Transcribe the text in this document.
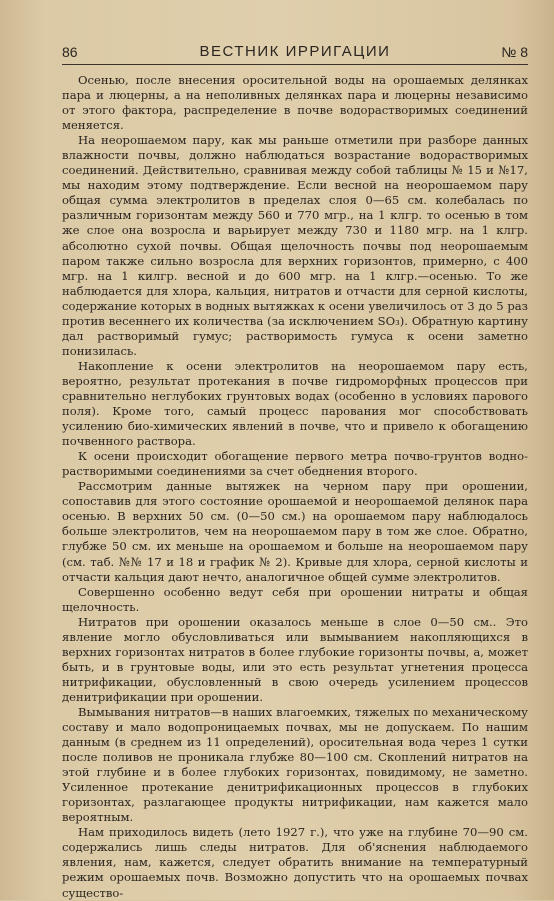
86	ВЕСТНИК ИРРИГАЦИИ	№ 8

Осенью, после внесения оросительной воды на орошаемых делянках пара и люцерны, а на неполивных делянках пара и люцерны независимо от этого фактора, распределение в почве водорастворимых соединений меняется.

На неорошаемом пару, как мы раньше отметили при разборе данных влажности почвы, должно наблюдаться возрастание водорастворимых соединений. Действительно, сравнивая между собой таблицы № 15 и №17, мы находим этому подтверждение. Если весной на неорошаемом пару общая сумма электролитов в пределах слоя 0—65 см. колебалась по различным горизонтам между 560 и 770 мгр., на 1 клгр. то осенью в том же слое она возросла и варьирует между 730 и 1180 мгр. на 1 клгр. абсолютно сухой почвы. Общая щелочность почвы под неорошаемым паром также сильно возросла для верхних горизонтов, примерно, с 400 мгр. на 1 килгр. весной и до 600 мгр. на 1 клгр.—осенью. То же наблюдается для хлора, кальция, нитратов и отчасти для серной кислоты, содержание которых в водных вытяжках к осени увеличилось от 3 до 5 раз против весеннего их количества (за исключением SO₃). Обратную картину дал растворимый гумус; растворимость гумуса к осени заметно понизилась.

Накопление к осени электролитов на неорошаемом пару есть, вероятно, результат протекания в почве гидроморфных процессов при сравнительно неглубоких грунтовых водах (особенно в условиях парового поля). Кроме того, самый процесс парования мог способствовать усилению био-химических явлений в почве, что и привело к обогащению почвенного раствора.

К осени происходит обогащение первого метра почво-грунтов водно-растворимыми соединениями за счет обеднения второго.

Рассмотрим данные вытяжек на черном пару при орошении, сопоставив для этого состояние орошаемой и неорошаемой делянок пара осенью. В верхних 50 см. (0—50 см.) на орошаемом пару наблюдалось больше электролитов, чем на неорошаемом пару в том же слое. Обратно, глубже 50 см. их меньше на орошаемом и больше на неорошаемом пару (см. таб. №№ 17 и 18 и график № 2). Кривые для хлора, серной кислоты и отчасти кальция дают нечто, аналогичное общей сумме электролитов.

Совершенно особенно ведут себя при орошении нитраты и общая щелочность.

Нитратов при орошении оказалось меньше в слое 0—50 см.. Это явление могло обусловливаться или вымыванием накопляющихся в верхних горизонтах нитратов в более глубокие горизонты почвы, а, может быть, и в грунтовые воды, или это есть результат угнетения процесса нитрификации, обусловленный в свою очередь усилением процессов денитрификации при орошении.

Вымывания нитратов—в наших влагоемких, тяжелых по механическому составу и мало водопроницаемых почвах, мы не допускаем. По нашим данным (в среднем из 11 определений), оросительная вода через 1 сутки после поливов не проникала глубже 80—100 см. Скоплений нитратов на этой глубине и в более глубоких горизонтах, повидимому, не заметно. Усиленное протекание денитрификационных процессов в глубоких горизонтах, разлагающее продукты нитрификации, нам кажется мало вероятным.

Нам приходилось видеть (лето 1927 г.), что уже на глубине 70—90 см. содержались лишь следы нитратов. Для об'яснения наблюдаемого явления, нам, кажется, следует обратить внимание на температурный режим орошаемых почв. Возможно допустить что на орошаемых почвах существо-
